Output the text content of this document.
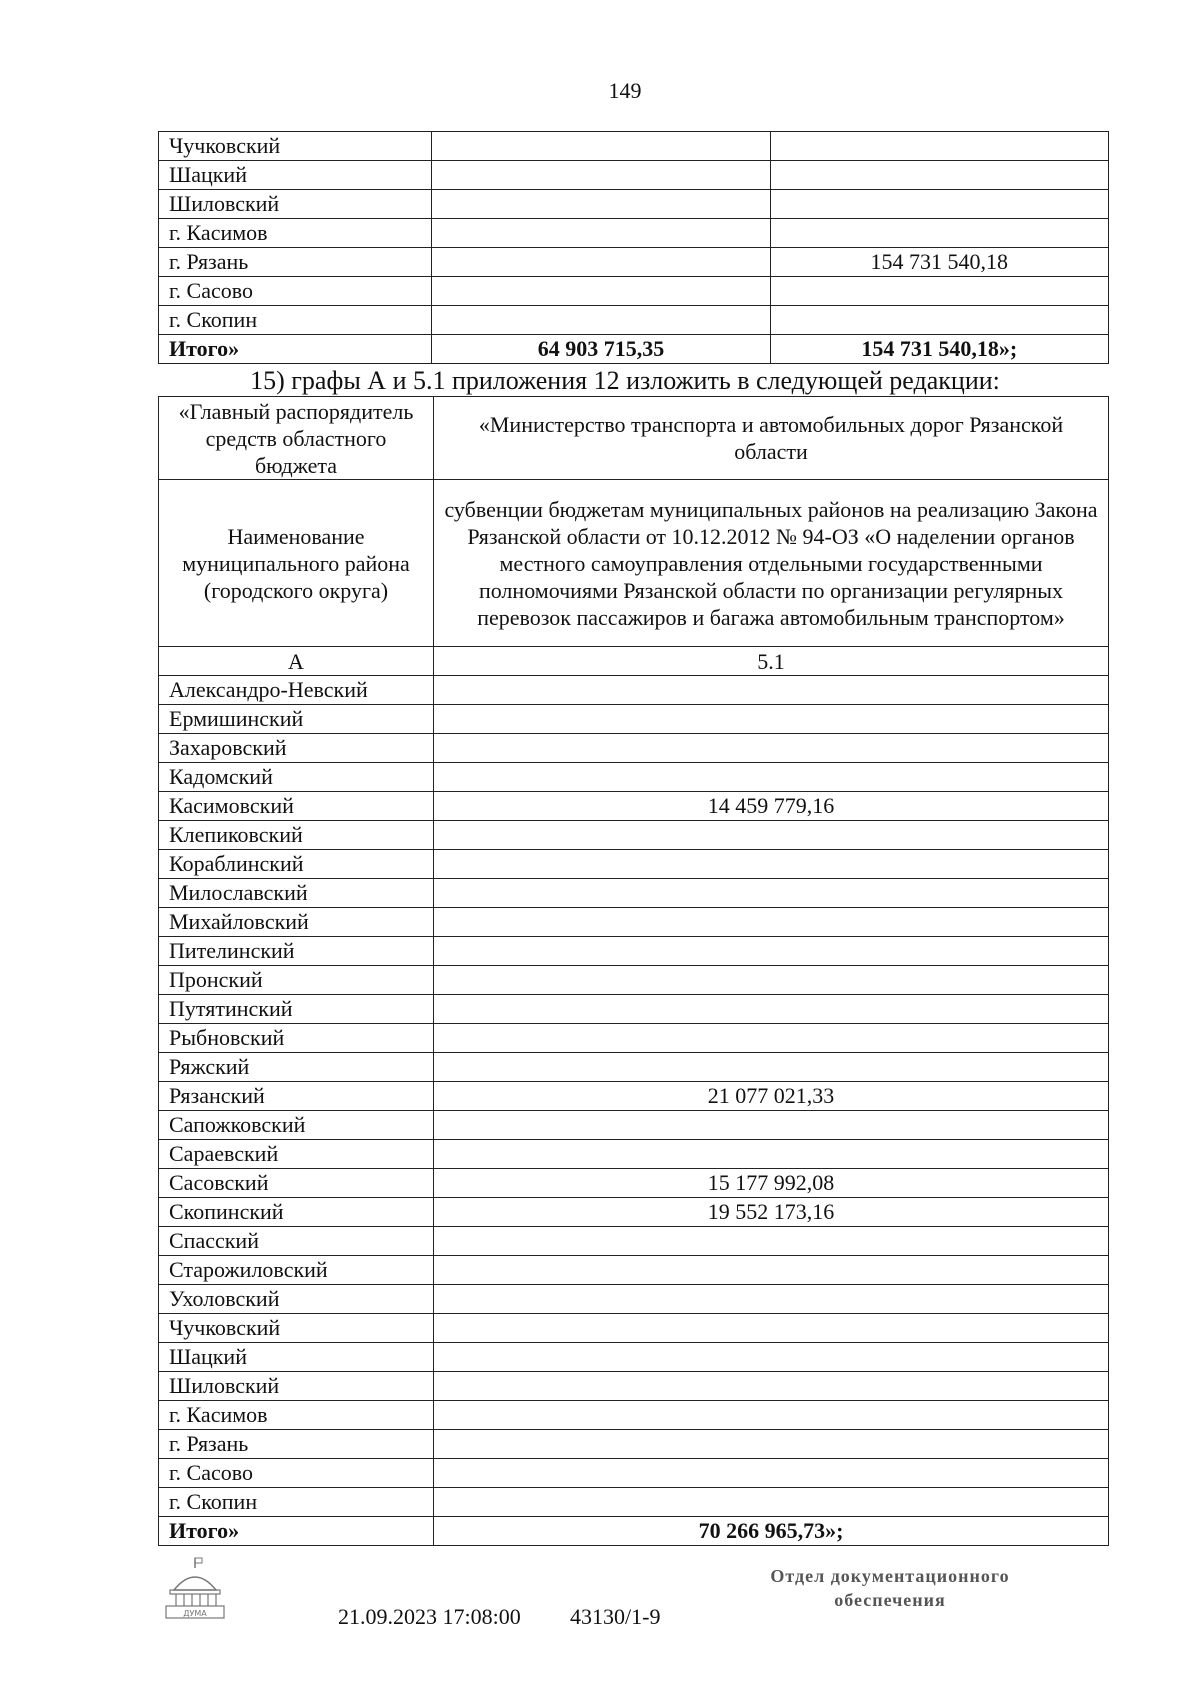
149
Чучковский		
Шацкий		
Шиловский		
г. Касимов		
г. Рязань		154 731 540,18
г. Сасово		
г. Скопин		
Итого»	64 903 715,35	154 731 540,18»;
15) графы А и 5.1 приложения 12 изложить в следующей редакции:
«Главный распорядитель средств областного бюджета	«Министерство транспорта и автомобильных дорог Рязанской области
Наименование муниципального района (городского округа)	субвенции бюджетам муниципальных районов на реализацию Закона Рязанской области от 10.12.2012 № 94-ОЗ «О наделении органов местного самоуправления отдельными государственными полномочиями Рязанской области по организации регулярных перевозок пассажиров и багажа автомобильным транспортом»
А	5.1
Александро-Невский	
Ермишинский	
Захаровский	
Кадомский	
Касимовский	14 459 779,16
Клепиковский	
Кораблинский	
Милославский	
Михайловский	
Пителинский	
Пронский	
Путятинский	
Рыбновский	
Ряжский	
Рязанский	21 077 021,33
Сапожковский	
Сараевский	
Сасовский	15 177 992,08
Скопинский	19 552 173,16
Спасский	
Старожиловский	
Ухоловский	
Чучковский	
Шацкий	
Шиловский	
г. Касимов	
г. Рязань	
г. Сасово	
г. Скопин	
Итого»	70 266 965,73»;
ДУМА	21.09.2023 17:08:00 43130/1-9
Отдел документационного
обеспечения
